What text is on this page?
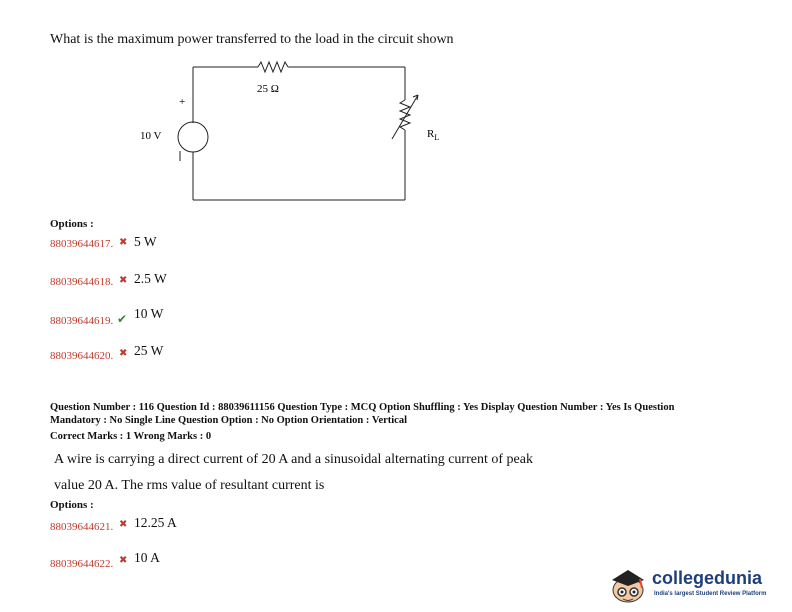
What is the maximum power transferred to the load in the circuit shown
+
10 V
25 Ω
$R_L$
Options :
88039644617. ✖ 5 W
88039644618. ✖ 2.5 W
88039644619. ✔ 10 W
88039644620. ✖ 25 W
Question Number : 116 Question Id : 88039611156 Question Type : MCQ Option Shuffling : Yes Display Question Number : Yes Is Question
Mandatory : No Single Line Question Option : No Option Orientation : Vertical
Correct Marks : 1 Wrong Marks : 0
A wire is carrying a direct current of 20 A and a sinusoidal alternating current of peak
value 20 A. The rms value of resultant current is
Options :
88039644621. ✖ 12.25 A
88039644622. ✖ 10 A
collegedunia
India's largest Student Review Platform
